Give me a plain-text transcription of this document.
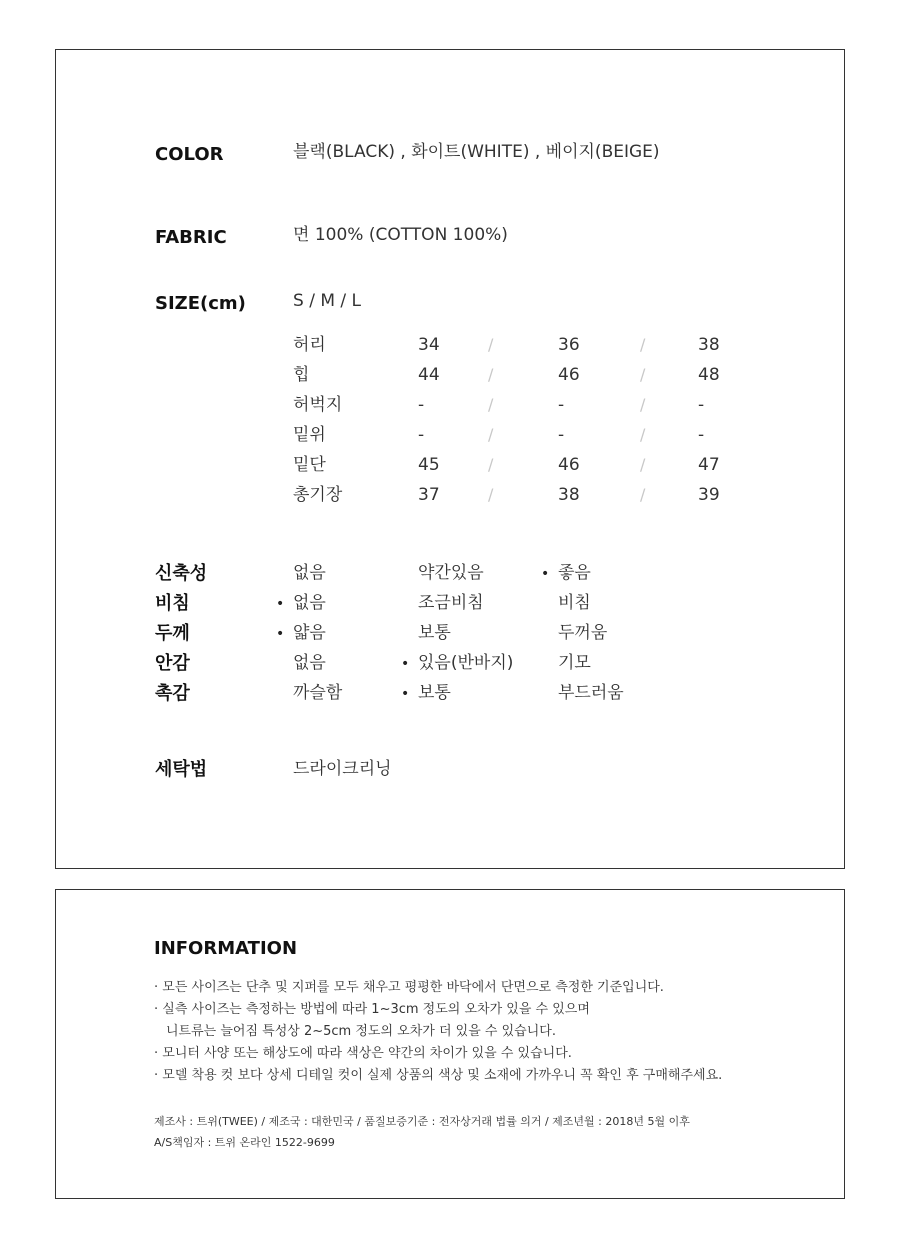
COLOR	블랙(BLACK) , 화이트(WHITE) , 베이지(BEIGE)
FABRIC	면 100% (COTTON 100%)
SIZE(cm)	S / M / L
허리	34	/	36	/	38
힙	44	/	46	/	48
허벅지	-	/	-	/	-
밑위	-	/	-	/	-
밑단	45	/	46	/	47
총기장	37	/	38	/	39
신축성	없음	약간있음	• 좋음
비침	• 없음	조금비침	비침
두께	• 얇음	보통	두꺼움
안감	없음	• 있음(반바지)	기모
촉감	까슬함	• 보통	부드러움
세탁법	드라이크리닝
INFORMATION
· 모든 사이즈는 단추 및 지퍼를 모두 채우고 평평한 바닥에서 단면으로 측정한 기준입니다.
· 실측 사이즈는 측정하는 방법에 따라 1~3cm 정도의 오차가 있을 수 있으며
니트류는 늘어짐 특성상 2~5cm 정도의 오차가 더 있을 수 있습니다.
· 모니터 사양 또는 해상도에 따라 색상은 약간의 차이가 있을 수 있습니다.
· 모델 착용 컷 보다 상세 디테일 컷이 실제 상품의 색상 및 소재에 가까우니 꼭 확인 후 구매해주세요.
제조사 : 트위(TWEE) / 제조국 : 대한민국 / 품질보증기준 : 전자상거래 법률 의거 / 제조년월 : 2018년 5월 이후
A/S책임자 : 트위 온라인 1522-9699
